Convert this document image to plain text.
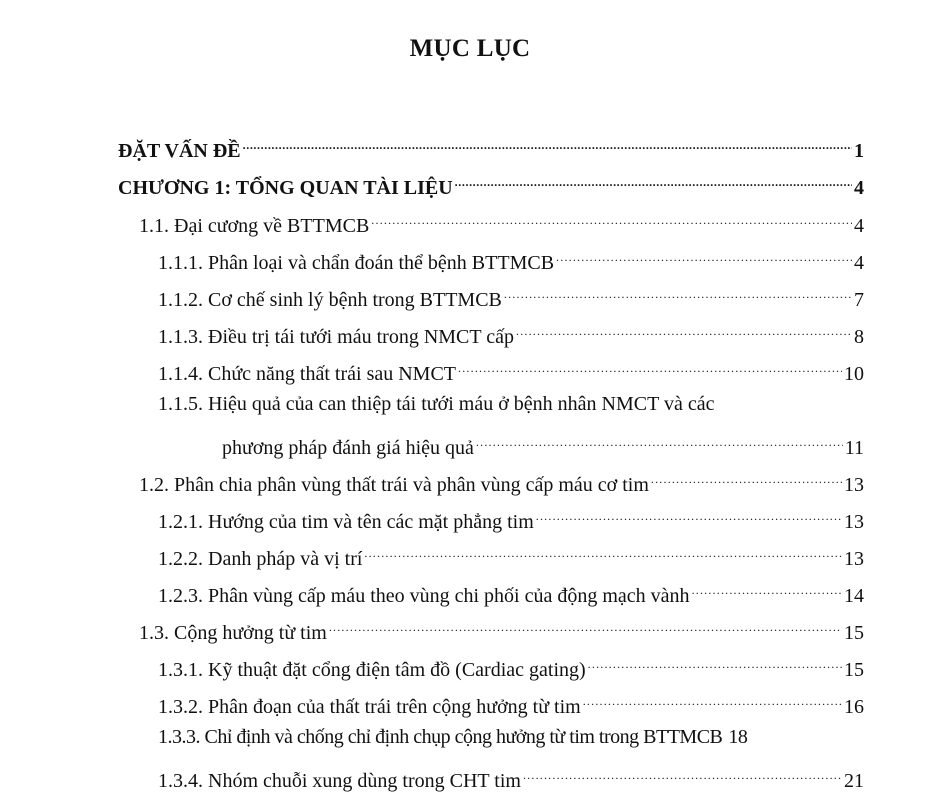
MỤC LỤC
ĐẶT VẤN ĐỀ .....	1
CHƯƠNG 1: TỔNG QUAN TÀI LIỆU .....	4
1.1. Đại cương về BTTMCB .....	4
1.1.1. Phân loại và chẩn đoán thể bệnh BTTMCB .....	4
1.1.2. Cơ chế sinh lý bệnh trong BTTMCB .....	7
1.1.3. Điều trị tái tưới máu trong NMCT cấp .....	8
1.1.4. Chức năng thất trái sau NMCT .....	10
1.1.5. Hiệu quả của can thiệp tái tưới máu ở bệnh nhân NMCT và các
phương pháp đánh giá hiệu quả .....	11
1.2. Phân chia phân vùng thất trái và phân vùng cấp máu cơ tim .....	13
1.2.1. Hướng của tim và tên các mặt phẳng tim .....	13
1.2.2. Danh pháp và vị trí .....	13
1.2.3. Phân vùng cấp máu theo vùng chi phối của động mạch vành .....	14
1.3. Cộng hưởng từ tim .....	15
1.3.1. Kỹ thuật đặt cổng điện tâm đồ (Cardiac gating) .....	15
1.3.2. Phân đoạn của thất trái trên cộng hưởng từ tim .....	16
1.3.3. Chỉ định và chống chỉ định chụp cộng hưởng từ tim trong BTTMCB 18
1.3.4. Nhóm chuỗi xung dùng trong CHT tim .....	21
